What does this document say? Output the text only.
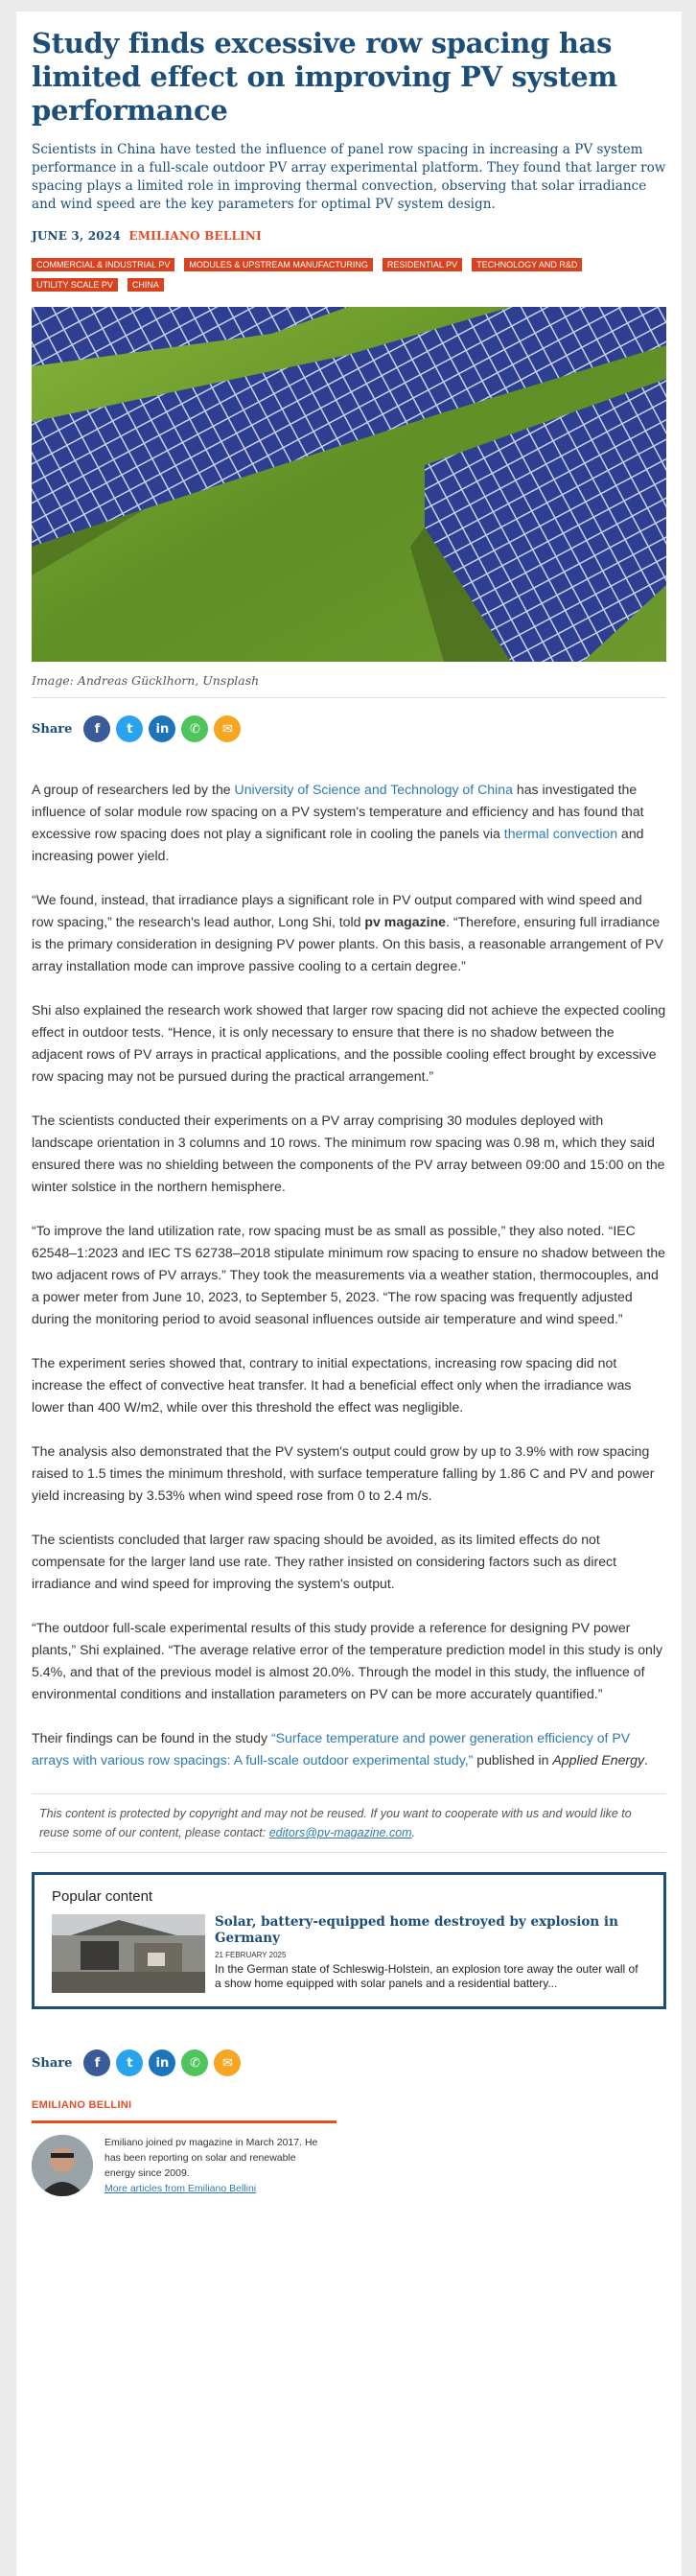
Study finds excessive row spacing has limited effect on improving PV system performance

Scientists in China have tested the influence of panel row spacing in increasing a PV system performance in a full-scale outdoor PV array experimental platform. They found that larger row spacing plays a limited role in improving thermal convection, observing that solar irradiance and wind speed are the key parameters for optimal PV system design.

JUNE 3, 2024 EMILIANO BELLINI
COMMERCIAL & INDUSTRIAL PV	MODULES & UPSTREAM MANUFACTURING	RESIDENTIAL PV	TECHNOLOGY AND R&D
UTILITY SCALE PV	CHINA

Image: Andreas Gücklhorn, Unsplash

Share	f	t	in	✆	✉

A group of researchers led by the University of Science and Technology of China has investigated the influence of solar module row spacing on a PV system's temperature and efficiency and has found that excessive row spacing does not play a significant role in cooling the panels via thermal convection and increasing power yield.

“We found, instead, that irradiance plays a significant role in PV output compared with wind speed and row spacing,” the research's lead author, Long Shi, told pv magazine. “Therefore, ensuring full irradiance is the primary consideration in designing PV power plants. On this basis, a reasonable arrangement of PV array installation mode can improve passive cooling to a certain degree.”

Shi also explained the research work showed that larger row spacing did not achieve the expected cooling effect in outdoor tests. “Hence, it is only necessary to ensure that there is no shadow between the adjacent rows of PV arrays in practical applications, and the possible cooling effect brought by excessive row spacing may not be pursued during the practical arrangement.”

The scientists conducted their experiments on a PV array comprising 30 modules deployed with landscape orientation in 3 columns and 10 rows. The minimum row spacing was 0.98 m, which they said ensured there was no shielding between the components of the PV array between 09:00 and 15:00 on the winter solstice in the northern hemisphere.

“To improve the land utilization rate, row spacing must be as small as possible,” they also noted. “IEC 62548–1:2023 and IEC TS 62738–2018 stipulate minimum row spacing to ensure no shadow between the two adjacent rows of PV arrays.” They took the measurements via a weather station, thermocouples, and a power meter from June 10, 2023, to September 5, 2023. “The row spacing was frequently adjusted during the monitoring period to avoid seasonal influences outside air temperature and wind speed.”

The experiment series showed that, contrary to initial expectations, increasing row spacing did not increase the effect of convective heat transfer. It had a beneficial effect only when the irradiance was lower than 400 W/m2, while over this threshold the effect was negligible.

The analysis also demonstrated that the PV system's output could grow by up to 3.9% with row spacing raised to 1.5 times the minimum threshold, with surface temperature falling by 1.86 C and PV and power yield increasing by 3.53% when wind speed rose from 0 to 2.4 m/s.

The scientists concluded that larger raw spacing should be avoided, as its limited effects do not compensate for the larger land use rate. They rather insisted on considering factors such as direct irradiance and wind speed for improving the system's output.

“The outdoor full-scale experimental results of this study provide a reference for designing PV power plants,” Shi explained. “The average relative error of the temperature prediction model in this study is only 5.4%, and that of the previous model is almost 20.0%. Through the model in this study, the influence of environmental conditions and installation parameters on PV can be more accurately quantified.”

Their findings can be found in the study “Surface temperature and power generation efficiency of PV arrays with various row spacings: A full-scale outdoor experimental study,” published in Applied Energy.

This content is protected by copyright and may not be reused. If you want to cooperate with us and would like to reuse some of our content, please contact: editors@pv-magazine.com.
Popular content
Solar, battery-equipped home destroyed by explosion in Germany
21 FEBRUARY 2025
In the German state of Schleswig-Holstein, an explosion tore away the outer wall of a show home equipped with solar panels and a residential battery...
Share	f	t	in	✆	✉
EMILIANO BELLINI
Emiliano joined pv magazine in March 2017. He has been reporting on solar and renewable energy since 2009.
More articles from Emiliano Bellini
